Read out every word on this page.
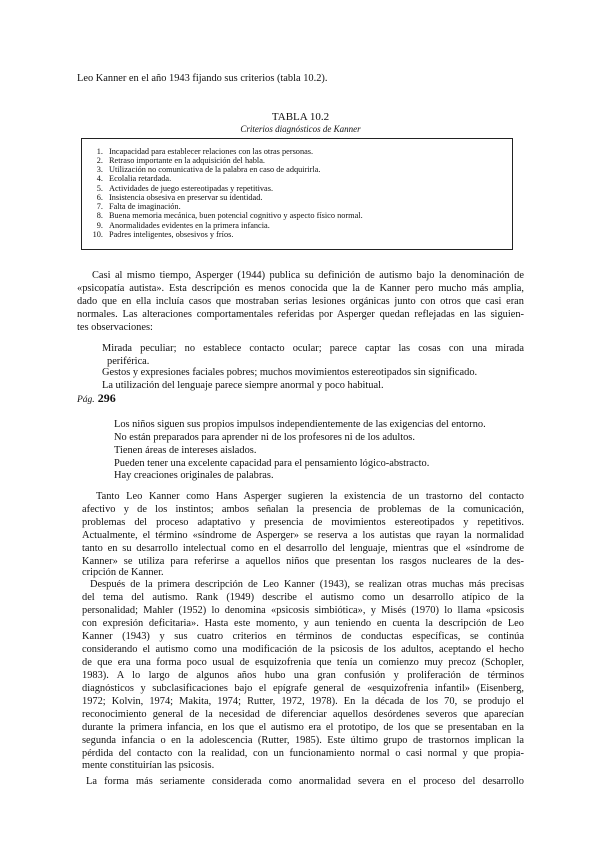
Leo Kanner en el año 1943 fijando sus criterios (tabla 10.2).
TABLA 10.2
Criterios diagnósticos de Kanner
1. Incapacidad para establecer relaciones con las otras personas.
2. Retraso importante en la adquisición del habla.
3. Utilización no comunicativa de la palabra en caso de adquirirla.
4. Ecolalia retardada.
5. Actividades de juego estereotipadas y repetitivas.
6. Insistencia obsesiva en preservar su identidad.
7. Falta de imaginación.
8. Buena memoria mecánica, buen potencial cognitivo y aspecto físico normal.
9. Anormalidades evidentes en la primera infancia.
10. Padres inteligentes, obsesivos y fríos.
Casi al mismo tiempo, Asperger (1944) publica su definición de autismo bajo la denominación de
«psicopatía autista». Esta descripción es menos conocida que la de Kanner pero mucho más amplia,
dado que en ella incluía casos que mostraban serias lesiones orgánicas junto con otros que casi eran
normales. Las alteraciones comportamentales referidas por Asperger quedan reflejadas en las siguien-
tes observaciones:
Mirada peculiar; no establece contacto ocular; parece captar las cosas con una mirada
periférica.
Gestos y expresiones faciales pobres; muchos movimientos estereotipados sin significado.
La utilización del lenguaje parece siempre anormal y poco habitual.
Pág. 296
Los niños siguen sus propios impulsos independientemente de las exigencias del entorno.
No están preparados para aprender ni de los profesores ni de los adultos.
Tienen áreas de intereses aislados.
Pueden tener una excelente capacidad para el pensamiento lógico-abstracto.
Hay creaciones originales de palabras.
Tanto Leo Kanner como Hans Asperger sugieren la existencia de un trastorno del contacto
afectivo y de los instintos; ambos señalan la presencia de problemas de la comunicación,
problemas del proceso adaptativo y presencia de movimientos estereotipados y repetitivos.
Actualmente, el término «síndrome de Asperger» se reserva a los autistas que rayan la normalidad
tanto en su desarrollo intelectual como en el desarrollo del lenguaje, mientras que el «síndrome de
Kanner» se utiliza para referirse a aquellos niños que presentan los rasgos nucleares de la des-
cripción de Kanner.
Después de la primera descripción de Leo Kanner (1943), se realizan otras muchas más precisas
del tema del autismo. Rank (1949) describe el autismo como un desarrollo atípico de la
personalidad; Mahler (1952) lo denomina «psicosis simbiótica», y Misés (1970) lo llama «psicosis
con expresión deficitaria». Hasta este momento, y aun teniendo en cuenta la descripción de Leo
Kanner (1943) y sus cuatro criterios en términos de conductas específicas, se continúa
considerando el autismo como una modificación de la psicosis de los adultos, aceptando el hecho
de que era una forma poco usual de esquizofrenia que tenía un comienzo muy precoz (Schopler,
1983). A lo largo de algunos años hubo una gran confusión y proliferación de términos
diagnósticos y subclasificaciones bajo el epígrafe general de «esquizofrenia infantil» (Eisenberg,
1972; Kolvin, 1974; Makita, 1974; Rutter, 1972, 1978). En la década de los 70, se produjo el
reconocimiento general de la necesidad de diferenciar aquellos desórdenes severos que aparecían
durante la primera infancia, en los que el autismo era el prototipo, de los que se presentaban en la
segunda infancia o en la adolescencia (Rutter, 1985). Este último grupo de trastornos implican la
pérdida del contacto con la realidad, con un funcionamiento normal o casi normal y que propia-
mente constituirían las psicosis.
La forma más seriamente considerada como anormalidad severa en el proceso del desarrollo
